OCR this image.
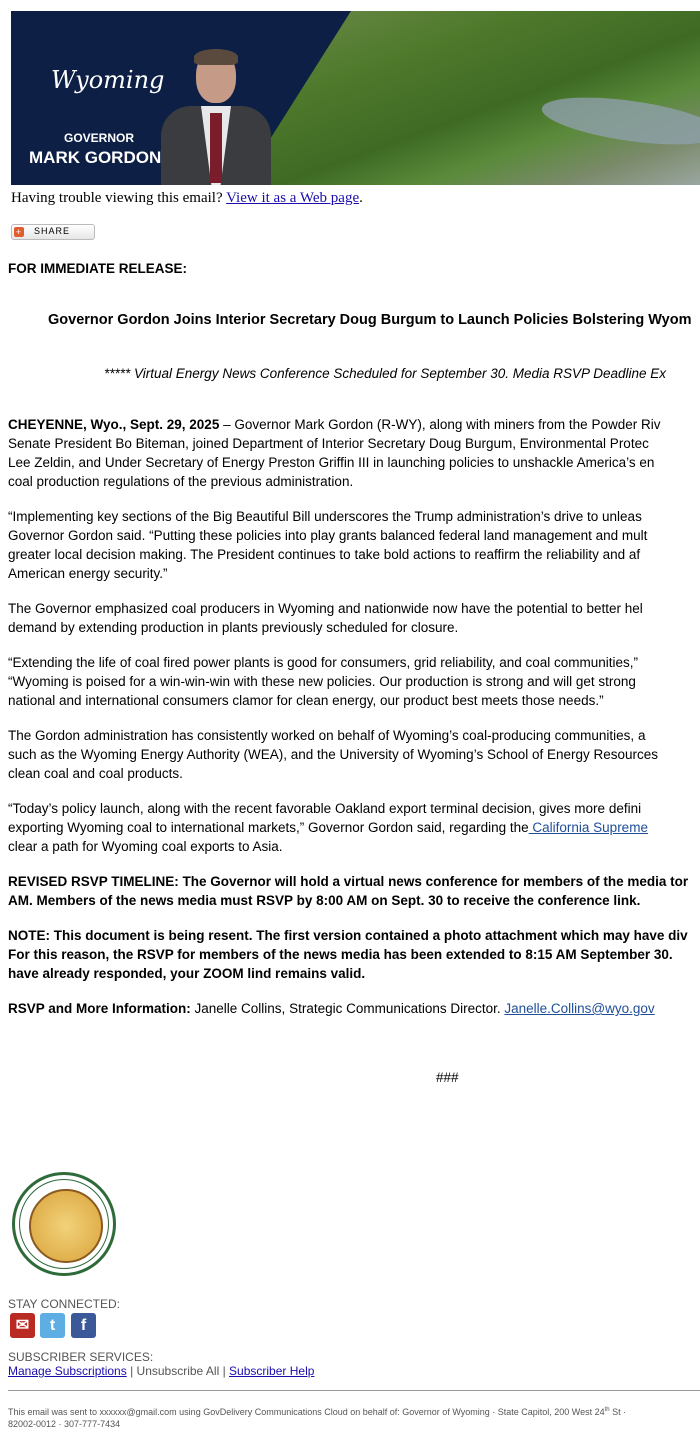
Wyoming
GOVERNOR
MARK GORDON
Having trouble viewing this email? View it as a Web page.
+ SHARE
FOR IMMEDIATE RELEASE:
Governor Gordon Joins Interior Secretary Doug Burgum to Launch Policies Bolstering Wyom
***** Virtual Energy News Conference Scheduled for September 30. Media RSVP Deadline Ex
CHEYENNE, Wyo., Sept. 29, 2025 – Governor Mark Gordon (R-WY), along with miners from the Powder Riv
Senate President Bo Biteman, joined Department of Interior Secretary Doug Burgum, Environmental Protec
Lee Zeldin, and Under Secretary of Energy Preston Griffin III in launching policies to unshackle America’s en
coal production regulations of the previous administration.
“Implementing key sections of the Big Beautiful Bill underscores the Trump administration’s drive to unleas
Governor Gordon said. “Putting these policies into play grants balanced federal land management and mult
greater local decision making. The President continues to take bold actions to reaffirm the reliability and af
American energy security.”
The Governor emphasized coal producers in Wyoming and nationwide now have the potential to better hel
demand by extending production in plants previously scheduled for closure.
“Extending the life of coal fired power plants is good for consumers, grid reliability, and coal communities,”
“Wyoming is poised for a win-win-win with these new policies. Our production is strong and will get strong
national and international consumers clamor for clean energy, our product best meets those needs.”
The Gordon administration has consistently worked on behalf of Wyoming’s coal-producing communities, a
such as the Wyoming Energy Authority (WEA), and the University of Wyoming’s School of Energy Resources
clean coal and coal products.
“Today’s policy launch, along with the recent favorable Oakland export terminal decision, gives more defini
exporting Wyoming coal to international markets,” Governor Gordon said, regarding the California Supreme
clear a path for Wyoming coal exports to Asia.
REVISED RSVP TIMELINE: The Governor will hold a virtual news conference for members of the media tor
AM. Members of the news media must RSVP by 8:00 AM on Sept. 30 to receive the conference link.
NOTE: This document is being resent. The first version contained a photo attachment which may have div
For this reason, the RSVP for members of the news media has been extended to 8:15 AM September 30.
have already responded, your ZOOM lind remains valid.
RSVP and More Information: Janelle Collins, Strategic Communications Director. Janelle.Collins@wyo.gov
###
STAY CONNECTED:
✉	t	f
SUBSCRIBER SERVICES:
Manage Subscriptions | Unsubscribe All | Subscriber Help
This email was sent to xxxxxx@gmail.com using GovDelivery Communications Cloud on behalf of: Governor of Wyoming · State Capitol, 200 West 24th St ·
82002-0012 · 307-777-7434
